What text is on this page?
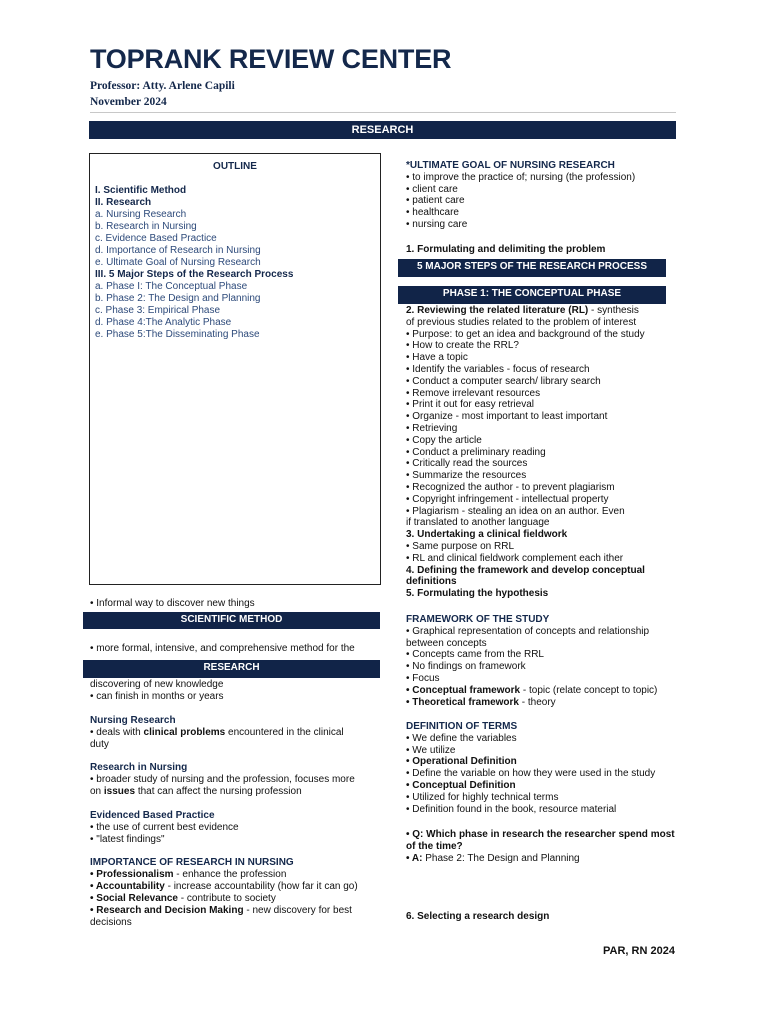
TOPRANK REVIEW CENTER
Professor: Atty. Arlene Capili
November 2024
RESEARCH
OUTLINE
I. Scientific Method
II. Research
a. Nursing Research
b. Research in Nursing
c. Evidence Based Practice
d. Importance of Research in Nursing
e. Ultimate Goal of Nursing Research
III. 5 Major Steps of the Research Process
a. Phase I: The Conceptual Phase
b. Phase 2: The Design and Planning
c. Phase 3: Empirical Phase
d. Phase 4:The Analytic Phase
e. Phase 5:The Disseminating Phase
• Informal way to discover new things
SCIENTIFIC METHOD
• more formal, intensive, and comprehensive method for the
RESEARCH
discovering of new knowledge
• can finish in months or years
Nursing Research
• deals with clinical problems encountered in the clinical
duty
Research in Nursing
• broader study of nursing and the profession, focuses more
on issues that can affect the nursing profession
Evidenced Based Practice
• the use of current best evidence
• "latest findings"
IMPORTANCE OF RESEARCH IN NURSING
• Professionalism - enhance the profession
• Accountability - increase accountability (how far it can go)
• Social Relevance - contribute to society
• Research and Decision Making - new discovery for best
decisions
*ULTIMATE GOAL OF NURSING RESEARCH
• to improve the practice of; nursing (the profession)
• client care
• patient care
• healthcare
• nursing care
1. Formulating and delimiting the problem
5 MAJOR STEPS OF THE RESEARCH PROCESS
PHASE 1: THE CONCEPTUAL PHASE
2. Reviewing the related literature (RL) - synthesis
of previous studies related to the problem of interest
• Purpose: to get an idea and background of the study
• How to create the RRL?
• Have a topic
• Identify the variables - focus of research
• Conduct a computer search/ library search
• Remove irrelevant resources
• Print it out for easy retrieval
• Organize - most important to least important
• Retrieving
• Copy the article
• Conduct a preliminary reading
• Critically read the sources
• Summarize the resources
• Recognized the author - to prevent plagiarism
• Copyright infringement - intellectual property
• Plagiarism - stealing an idea on an author. Even
if translated to another language
3. Undertaking a clinical fieldwork
• Same purpose on RRL
• RL and clinical fieldwork complement each ither
4. Defining the framework and develop conceptual
definitions
5. Formulating the hypothesis
FRAMEWORK OF THE STUDY
• Graphical representation of concepts and relationship
between concepts
• Concepts came from the RRL
• No findings on framework
• Focus
• Conceptual framework - topic (relate concept to topic)
• Theoretical framework - theory
DEFINITION OF TERMS
• We define the variables
• We utilize
• Operational Definition
• Define the variable on how they were used in the study
• Conceptual Definition
• Utilized for highly technical terms
• Definition found in the book, resource material
• Q: Which phase in research the researcher spend most
of the time?
• A: Phase 2: The Design and Planning
6. Selecting a research design
PAR, RN 2024
